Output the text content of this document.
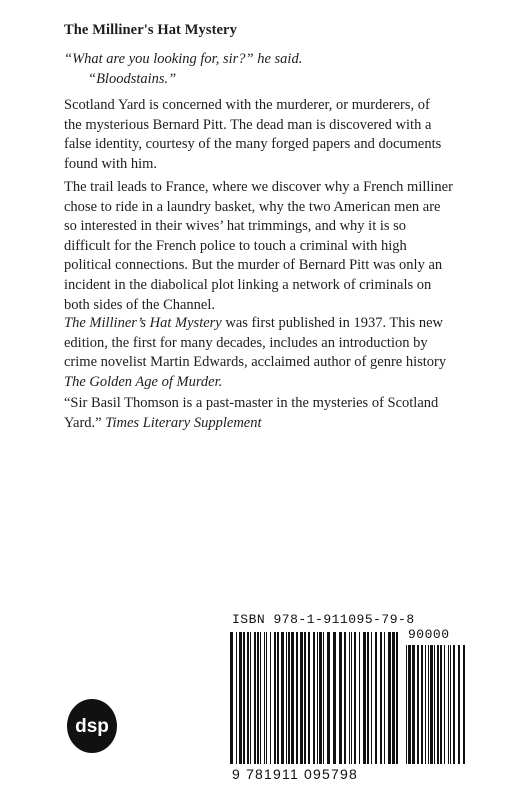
The Milliner's Hat Mystery
“What are you looking for, sir?” he said.
“Bloodstains.”
Scotland Yard is concerned with the murderer, or murderers, of
the mysterious Bernard Pitt. The dead man is discovered with a
false identity, courtesy of the many forged papers and documents
found with him.
The trail leads to France, where we discover why a French milliner
chose to ride in a laundry basket, why the two American men are
so interested in their wives’ hat trimmings, and why it is so
difficult for the French police to touch a criminal with high
political connections. But the murder of Bernard Pitt was only an
incident in the diabolical plot linking a network of criminals on
both sides of the Channel.
The Milliner’s Hat Mystery was first published in 1937. This new
edition, the first for many decades, includes an introduction by
crime novelist Martin Edwards, acclaimed author of genre history
The Golden Age of Murder.
“Sir Basil Thomson is a past-master in the mysteries of Scotland
Yard.” Times Literary Supplement
dsp
ISBN 978-1-911095-79-8
90000
9 781911 095798
